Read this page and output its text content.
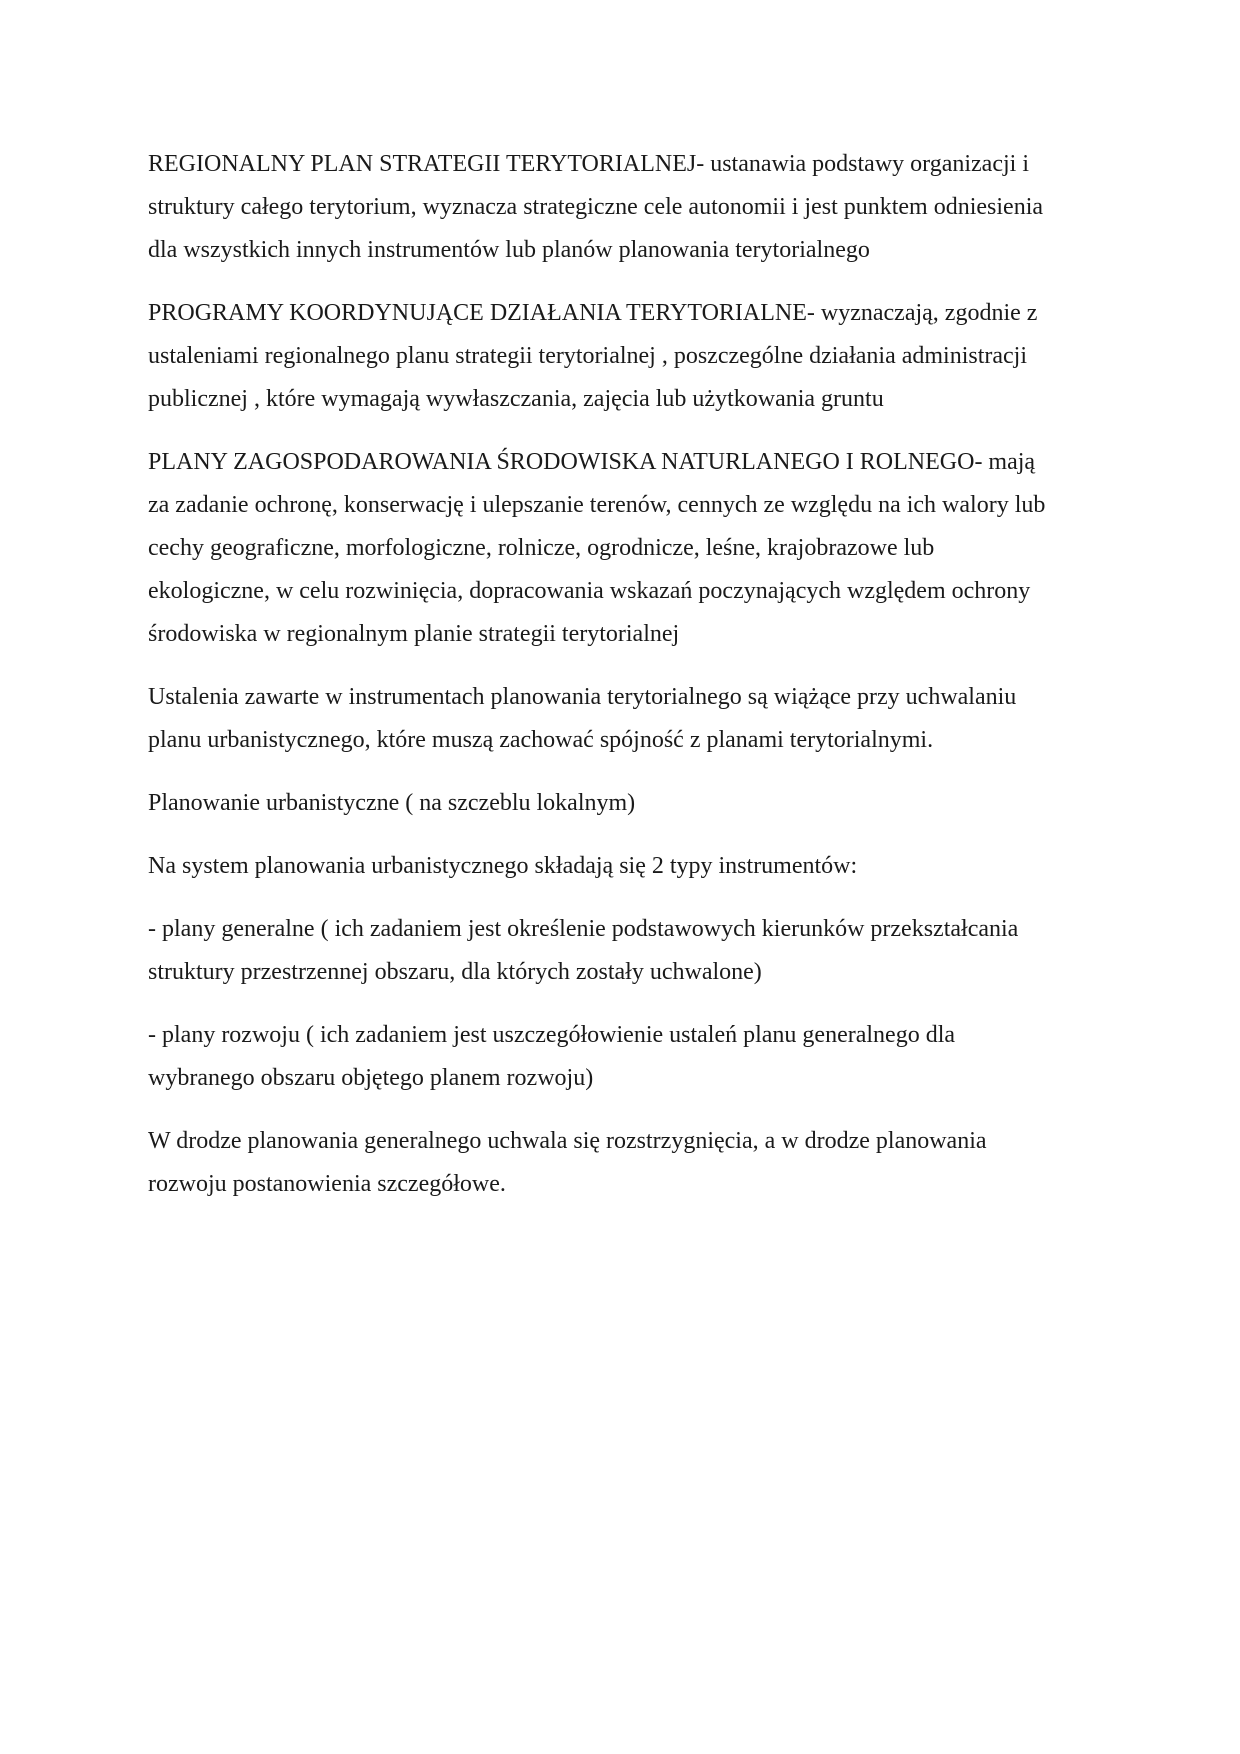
REGIONALNY PLAN STRATEGII TERYTORIALNEJ- ustanawia podstawy organizacji i
struktury całego terytorium, wyznacza strategiczne cele autonomii i jest punktem odniesienia
dla wszystkich innych instrumentów lub planów planowania terytorialnego

PROGRAMY KOORDYNUJĄCE DZIAŁANIA TERYTORIALNE- wyznaczają, zgodnie z
ustaleniami regionalnego planu strategii terytorialnej , poszczególne działania administracji
publicznej , które wymagają wywłaszczania, zajęcia lub użytkowania gruntu

PLANY ZAGOSPODAROWANIA ŚRODOWISKA NATURLANEGO I ROLNEGO- mają
za zadanie ochronę, konserwację i ulepszanie terenów, cennych ze względu na ich walory lub
cechy geograficzne, morfologiczne, rolnicze, ogrodnicze, leśne, krajobrazowe lub
ekologiczne, w celu rozwinięcia, dopracowania wskazań poczynających względem ochrony
środowiska w regionalnym planie strategii terytorialnej

Ustalenia zawarte w instrumentach planowania terytorialnego są wiążące przy uchwalaniu
planu urbanistycznego, które muszą zachować spójność z planami terytorialnymi.

Planowanie urbanistyczne ( na szczeblu lokalnym)

Na system planowania urbanistycznego składają się 2 typy instrumentów:

- plany generalne ( ich zadaniem jest określenie podstawowych kierunków przekształcania
struktury przestrzennej obszaru, dla których zostały uchwalone)

- plany rozwoju ( ich zadaniem jest uszczegółowienie ustaleń planu generalnego dla
wybranego obszaru objętego planem rozwoju)

W drodze planowania generalnego uchwala się rozstrzygnięcia, a w drodze planowania
rozwoju postanowienia szczegółowe.
